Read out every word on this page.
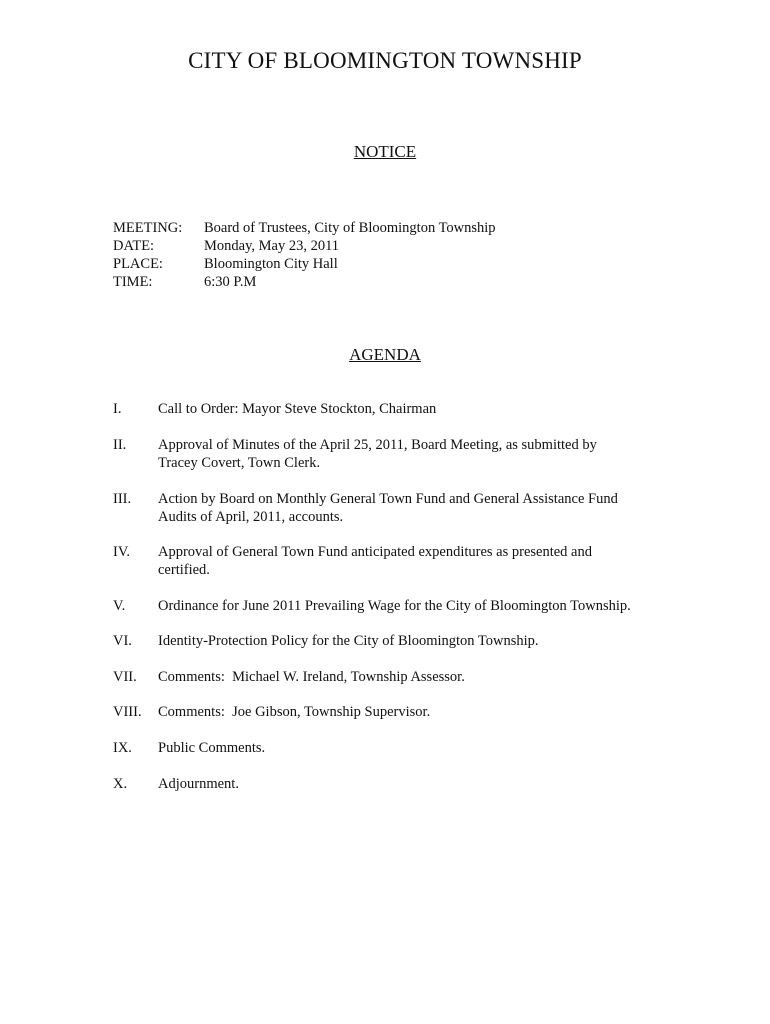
CITY OF BLOOMINGTON TOWNSHIP
NOTICE
MEETING:	Board of Trustees, City of Bloomington Township
DATE:	Monday, May 23, 2011
PLACE:	Bloomington City Hall
TIME:	6:30 P.M
AGENDA
I.	Call to Order: Mayor Steve Stockton, Chairman
II.	Approval of Minutes of the April 25, 2011, Board Meeting, as submitted by
Tracey Covert, Town Clerk.
III.	Action by Board on Monthly General Town Fund and General Assistance Fund
Audits of April, 2011, accounts.
IV.	Approval of General Town Fund anticipated expenditures as presented and
certified.
V.	Ordinance for June 2011 Prevailing Wage for the City of Bloomington Township.
VI.	Identity-Protection Policy for the City of Bloomington Township.
VII.	Comments:  Michael W. Ireland, Township Assessor.
VIII.	Comments:  Joe Gibson, Township Supervisor.
IX.	Public Comments.
X.	Adjournment.
